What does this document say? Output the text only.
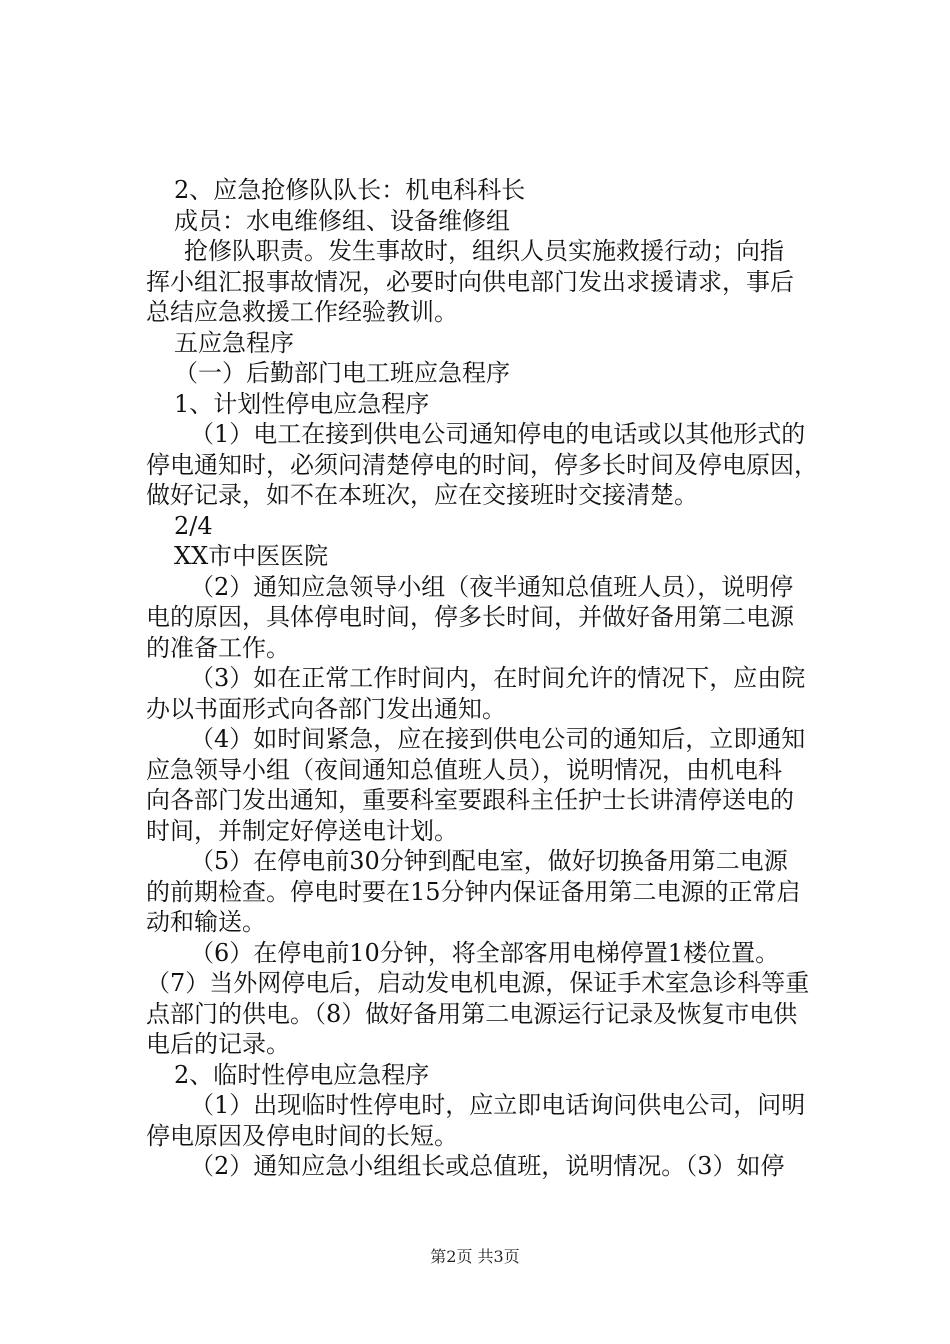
2、应急抢修队队长：机电科科长
成员：水电维修组、设备维修组
抢修队职责。发生事故时，组织人员实施救援行动；向指
挥小组汇报事故情况，必要时向供电部门发出求援请求，事后
总结应急救援工作经验教训。
五应急程序
（一）后勤部门电工班应急程序
1、计划性停电应急程序
（1）电工在接到供电公司通知停电的电话或以其他形式的
停电通知时，必须问清楚停电的时间，停多长时间及停电原因，
做好记录，如不在本班次，应在交接班时交接清楚。
2/4
XX市中医医院
（2）通知应急领导小组（夜半通知总值班人员），说明停
电的原因，具体停电时间，停多长时间，并做好备用第二电源
的准备工作。
（3）如在正常工作时间内，在时间允许的情况下，应由院
办以书面形式向各部门发出通知。
（4）如时间紧急，应在接到供电公司的通知后，立即通知
应急领导小组（夜间通知总值班人员），说明情况，由机电科
向各部门发出通知，重要科室要跟科主任护士长讲清停送电的
时间，并制定好停送电计划。
（5）在停电前30分钟到配电室，做好切换备用第二电源
的前期检查。停电时要在15分钟内保证备用第二电源的正常启
动和输送。
（6）在停电前10分钟，将全部客用电梯停置1楼位置。
（7）当外网停电后，启动发电机电源，保证手术室急诊科等重
点部门的供电。（8）做好备用第二电源运行记录及恢复市电供
电后的记录。
2、临时性停电应急程序
（1）出现临时性停电时，应立即电话询问供电公司，问明
停电原因及停电时间的长短。
（2）通知应急小组组长或总值班，说明情况。（3）如停
第2页 共3页
